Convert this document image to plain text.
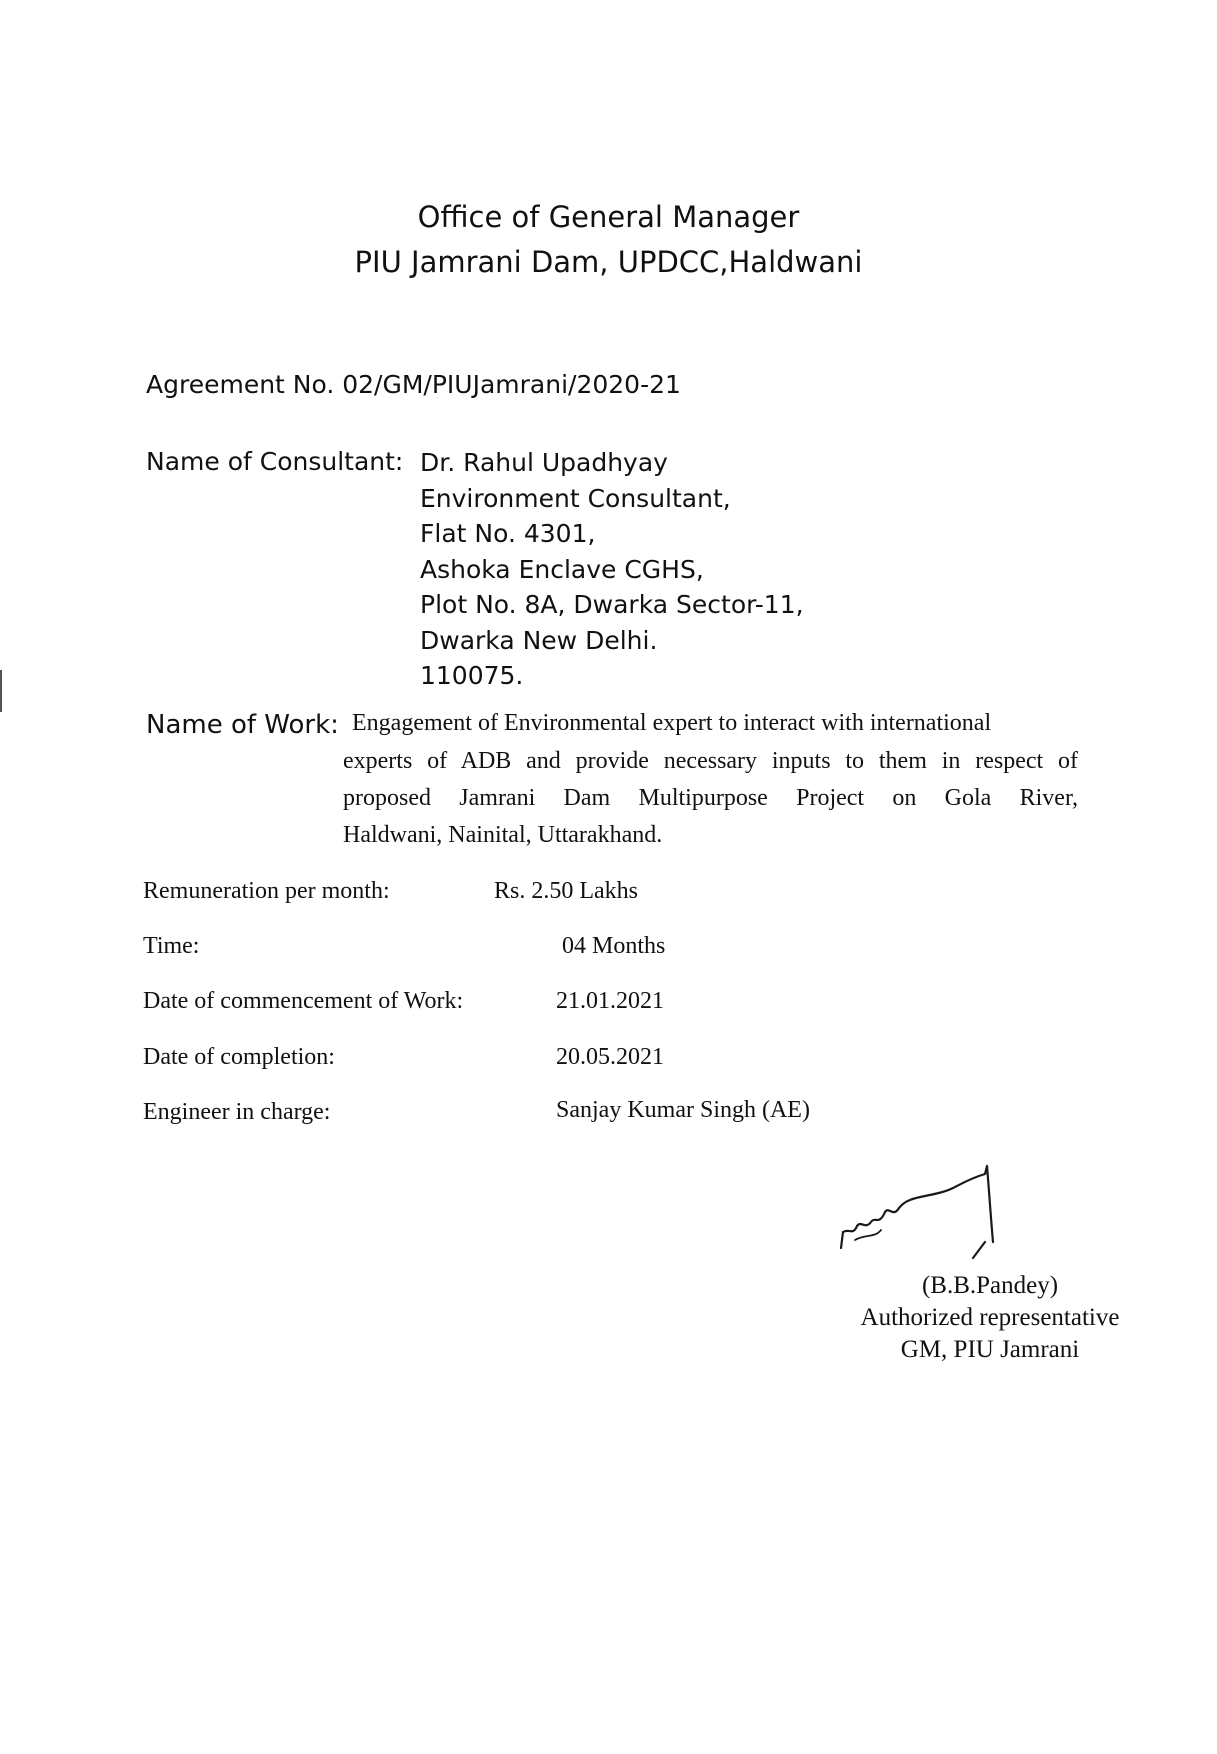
Office of General Manager
PIU Jamrani Dam, UPDCC,Haldwani
Agreement No. 02/GM/PIUJamrani/2020-21
Name of Consultant: Dr. Rahul Upadhyay
Environment Consultant,
Flat No. 4301,
Ashoka Enclave CGHS,
Plot No. 8A, Dwarka Sector-11,
Dwarka New Delhi.
110075.
Name of Work: Engagement of Environmental expert to interact with international
experts of ADB and provide necessary inputs to them in respect of
proposed Jamrani Dam Multipurpose Project on Gola River,
Haldwani, Nainital, Uttarakhand.
Remuneration per month:	Rs. 2.50 Lakhs
Time:	04 Months
Date of commencement of Work:	21.01.2021
Date of completion:	20.05.2021
Engineer in charge:	Sanjay Kumar Singh (AE)
(B.B.Pandey)
Authorized representative
GM, PIU Jamrani
